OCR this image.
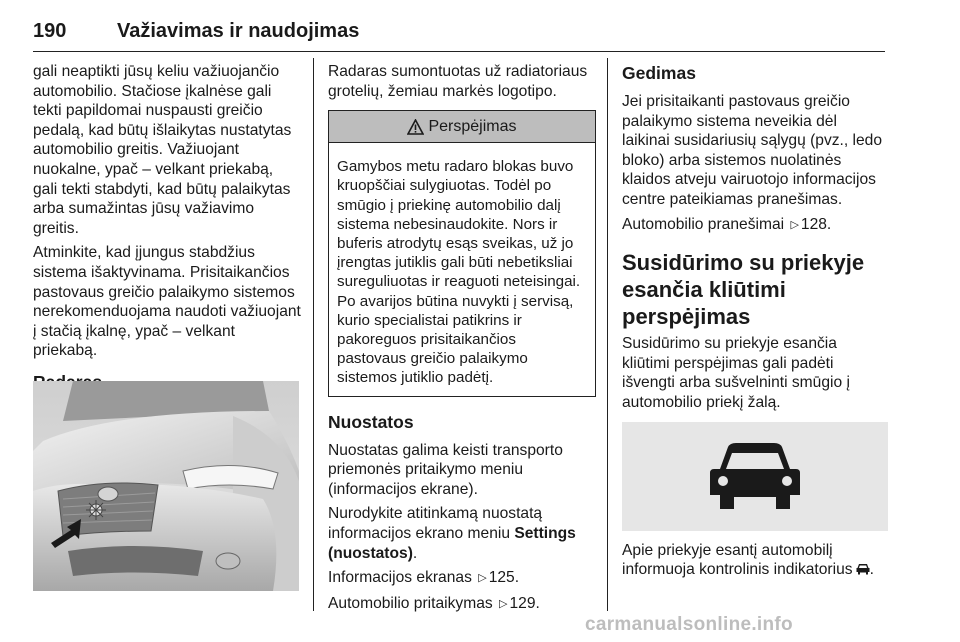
190	Važiavimas ir naudojimas

gali neaptikti jūsų keliu važiuojančio automobilio. Stačiose įkalnėse gali tekti papildomai nuspausti greičio pedalą, kad būtų išlaikytas nustatytas automobilio greitis. Važiuojant nuokalne, ypač – velkant priekabą, gali tekti stabdyti, kad būtų palaikytas arba sumažintas jūsų važiavimo greitis.

Atminkite, kad įjungus stabdžius sistema išaktyvinama. Prisitaikančios pastovaus greičio palaikymo sistemos nerekomenduojama naudoti važiuojant į stačią įkalnę, ypač – velkant priekabą.

Radaras sumontuotas už radiatoriaus grotelių, žemiau markės logotipo.

Perspėjimas
Gamybos metu radaro blokas buvo kruopščiai sulygiuotas. Todėl po smūgio į priekinę automobilio dalį sistema nebesinaudokite. Nors ir buferis atrodytų esąs sveikas, už jo įrengtas jutiklis gali būti nebetiksliai sureguliuotas ir reaguoti neteisingai. Po avarijos būtina nuvykti į servisą, kurio specialistai patikrins ir pakoreguos prisitaikančios pastovaus greičio palaikymo sistemos jutiklio padėtį.
Nuostatos

Nuostatas galima keisti transporto priemonės pritaikymo meniu (informacijos ekrane).

Nurodykite atitinkamą nuostatą informacijos ekrano meniu Settings (nuostatos).

Informacijos ekranas ▷ 125.

Automobilio pritaikymas ▷ 129.

Gedimas

Jei prisitaikanti pastovaus greičio palaikymo sistema neveikia dėl laikinai susidariusių sąlygų (pvz., ledo bloko) arba sistemos nuolatinės klaidos atveju vairuotojo informacijos centre pateikiamas pranešimas.

Automobilio pranešimai ▷ 128.

Susidūrimo su priekyje esančia kliūtimi perspėjimas

Susidūrimo su priekyje esančia kliūtimi perspėjimas gali padėti išvengti arba sušvelninti smūgio į automobilio priekį žalą.

Apie priekyje esantį automobilį informuoja kontrolinis indikatorius .

carmanualsonline.info
